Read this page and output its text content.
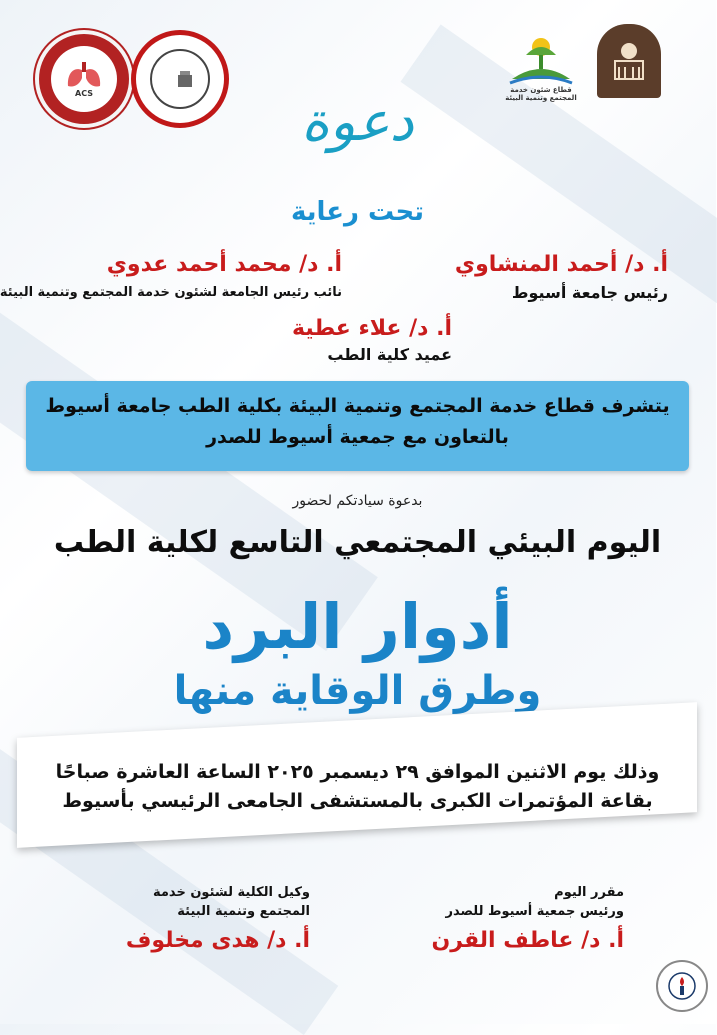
ACS	قطاع شئون خدمة المجتمع وتنمية البيئة
دعوة
تحت رعاية
أ. د/ أحمد المنشاوي
رئيس جامعة أسيوط
أ. د/ محمد أحمد عدوي
نائب رئيس الجامعة لشئون خدمة المجتمع وتنمية البيئة
أ. د/ علاء عطية
عميد كلية الطب
يتشرف قطاع خدمة المجتمع وتنمية البيئة بكلية الطب جامعة أسيوط
بالتعاون مع جمعية أسيوط للصدر
بدعوة سيادتكم لحضور
اليوم البيئي المجتمعي التاسع لكلية الطب
أدوار البرد
وطرق الوقاية منها
وذلك يوم الاثنين الموافق ٢٩ ديسمبر ٢٠٢٥ الساعة العاشرة صباحًا
بقاعة المؤتمرات الكبرى بالمستشفى الجامعى الرئيسي بأسيوط
مقرر اليوم
ورئيس جمعية أسيوط للصدر
أ. د/ عاطف القرن
وكيل الكلية لشئون خدمة
المجتمع وتنمية البيئة
أ. د/ هدى مخلوف
